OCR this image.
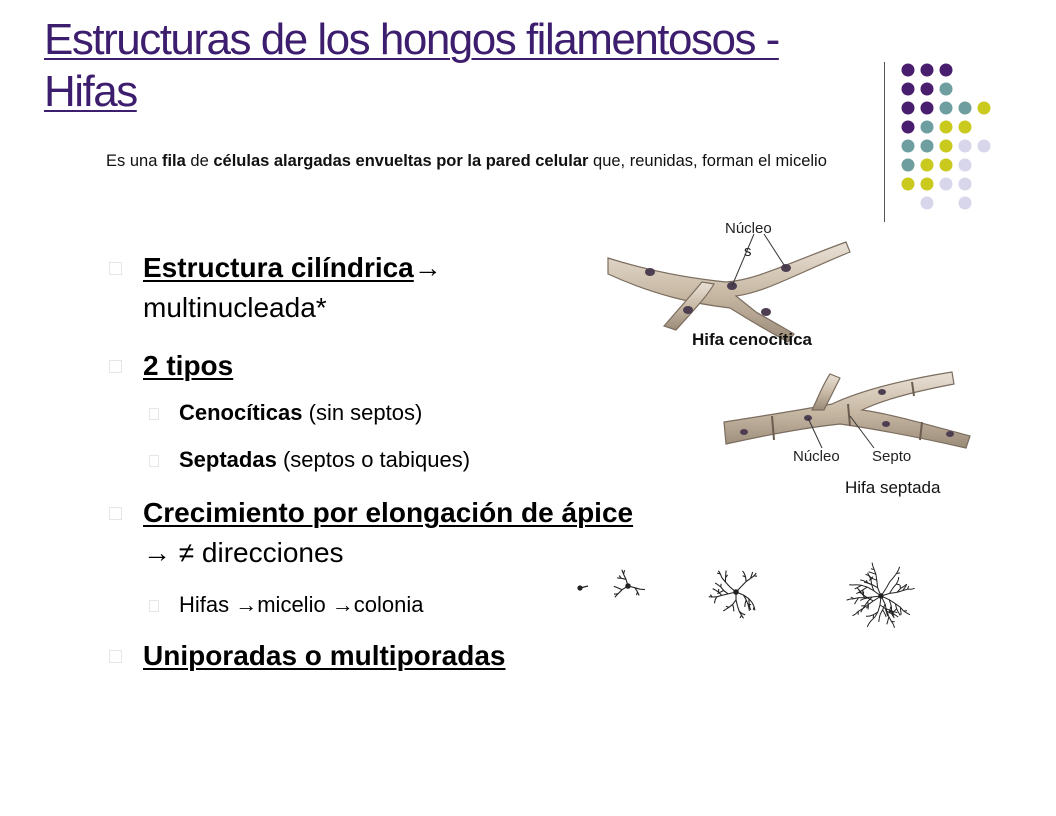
Estructuras de los hongos filamentosos -
Hifas
Es una fila de células alargadas envueltas por la pared celular que, reunidas, forman el micelio
Estructura cilíndrica→ multinucleada*
2 tipos
Cenocíticas (sin septos)
Septadas (septos o tabiques)
Crecimiento por elongación de ápice → ≠ direcciones
Hifas →micelio →colonia
Uniporadas o multiporadas
Núcleo
s
Hifa cenocítica
Núcleo Septo
Hifa septada
